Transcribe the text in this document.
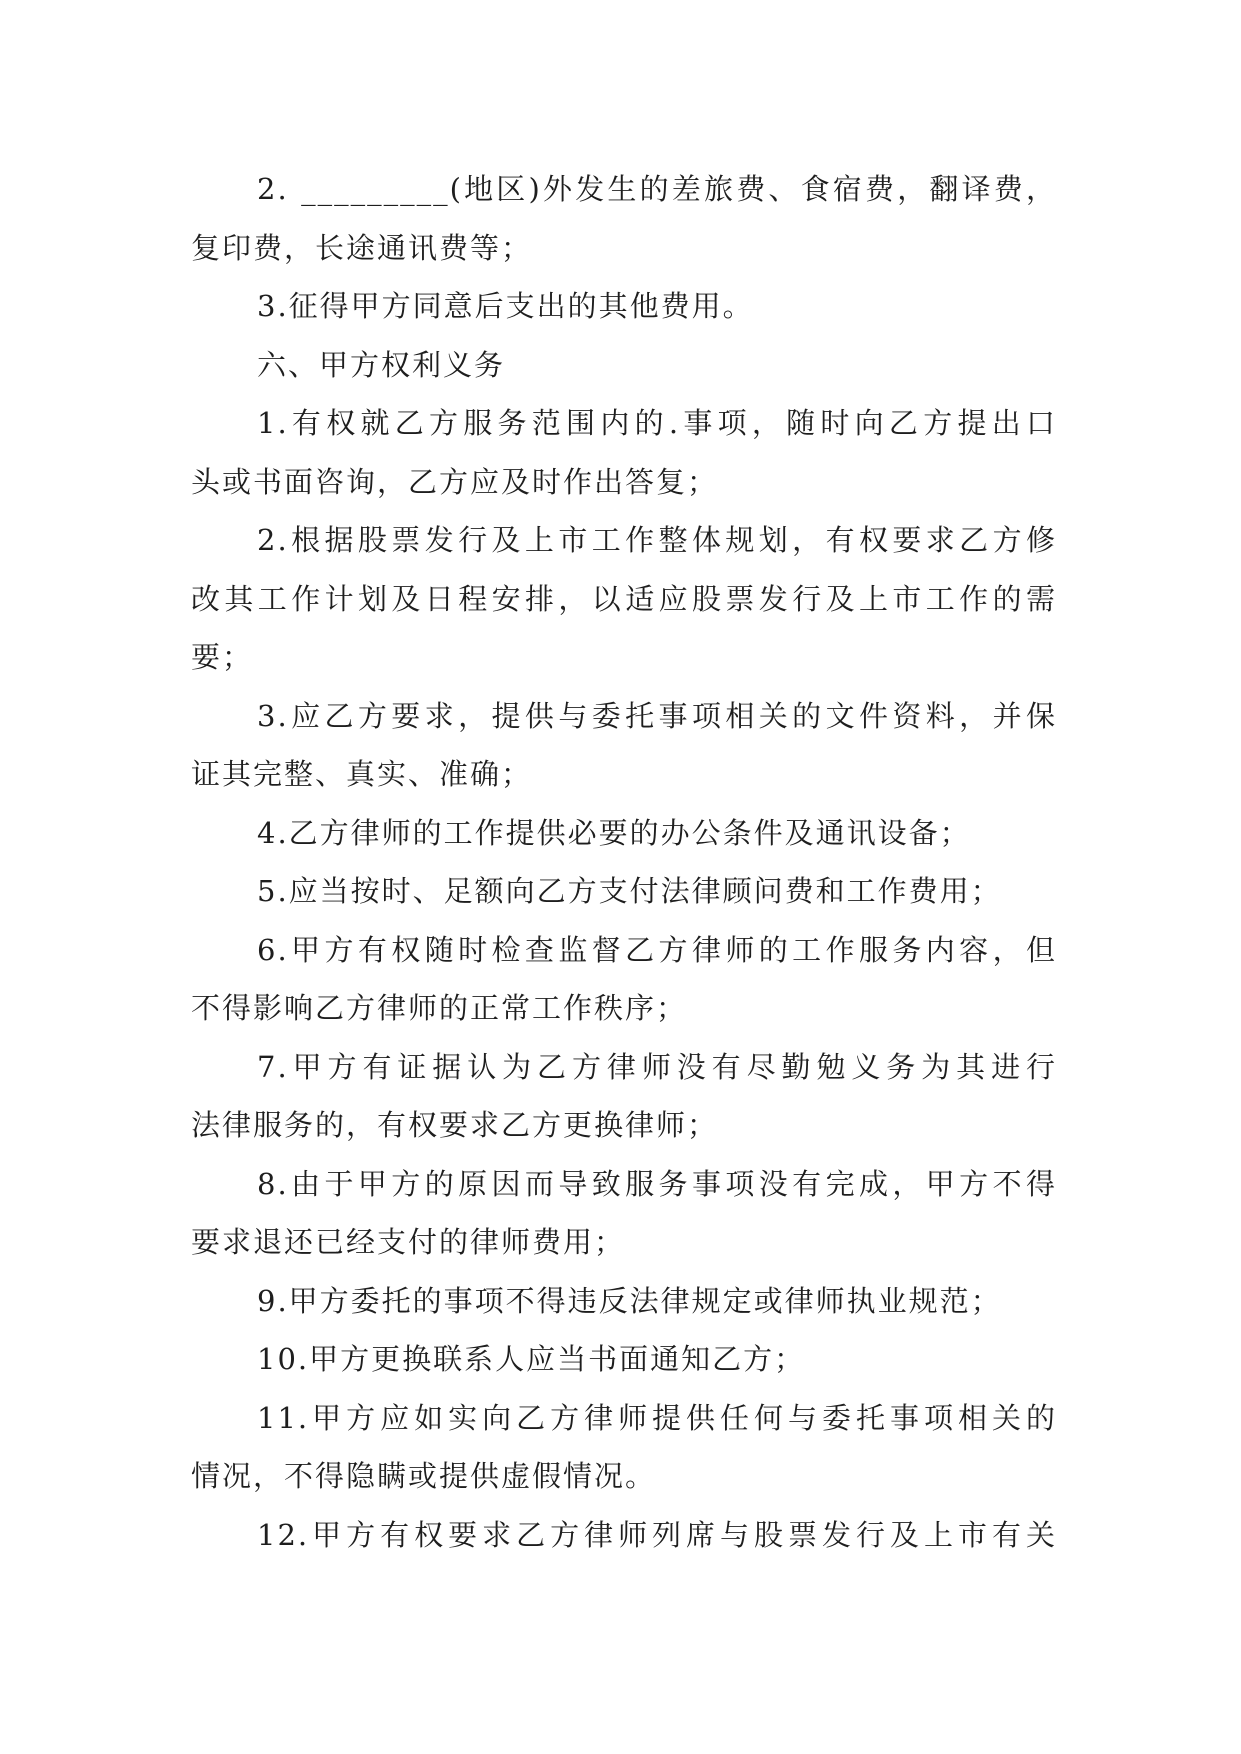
2. _________(地区)外发生的差旅费、食宿费，翻译费，
复印费，长途通讯费等；
3.征得甲方同意后支出的其他费用。
六、甲方权利义务
1.有权就乙方服务范围内的.事项，随时向乙方提出口
头或书面咨询，乙方应及时作出答复；
2.根据股票发行及上市工作整体规划，有权要求乙方修
改其工作计划及日程安排，以适应股票发行及上市工作的需
要；
3.应乙方要求，提供与委托事项相关的文件资料，并保
证其完整、真实、准确；
4.乙方律师的工作提供必要的办公条件及通讯设备；
5.应当按时、足额向乙方支付法律顾问费和工作费用；
6.甲方有权随时检查监督乙方律师的工作服务内容，但
不得影响乙方律师的正常工作秩序；
7.甲方有证据认为乙方律师没有尽勤勉义务为其进行
法律服务的，有权要求乙方更换律师；
8.由于甲方的原因而导致服务事项没有完成，甲方不得
要求退还已经支付的律师费用；
9.甲方委托的事项不得违反法律规定或律师执业规范；
10.甲方更换联系人应当书面通知乙方；
11.甲方应如实向乙方律师提供任何与委托事项相关的
情况，不得隐瞒或提供虚假情况。
12.甲方有权要求乙方律师列席与股票发行及上市有关
